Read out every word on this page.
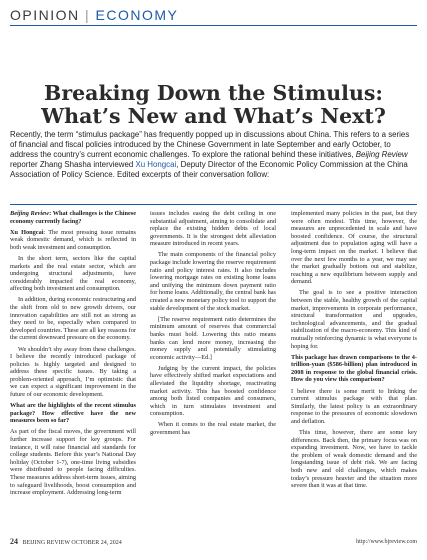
OPINION | ECONOMY
Breaking Down the Stimulus:
What’s New and What’s Next?

Recently, the term “stimulus package” has frequently popped up in discussions about China. This refers to a series of financial and fiscal policies introduced by the Chinese Government in late September and early October, to address the country’s current economic challenges. To explore the rational behind these initiatives, Beijing Review reporter Zhang Shasha interviewed Xu Hongcai, Deputy Director of the Economic Policy Commission at the China Association of Policy Science. Edited excerpts of their conversation follow:

Beijing Review: What challenges is the Chinese economy currently facing?

Xu Hongcai: The most pressing issue remains weak domestic demand, which is reflected in both weak investment and consumption.

In the short term, sectors like the capital markets and the real estate sector, which are undergoing structural adjustments, have considerably impacted the real economy, affecting both investment and consumption.

In addition, during economic restructuring and the shift from old to new growth drivers, our innovation capabilities are still not as strong as they need to be, especially when compared to developed countries. These are all key reasons for the current downward pressure on the economy.

We shouldn’t shy away from these challenges. I believe the recently introduced package of policies is highly targeted and designed to address these specific issues. By taking a problem-oriented approach, I’m optimistic that we can expect a significant improvement in the future of our economic development.

What are the highlights of the recent stimulus package? How effective have the new measures been so far?

As part of the fiscal moves, the government will further increase support for key groups. For instance, it will raise financial aid standards for college students. Before this year’s National Day holiday (October 1-7), one-time living subsidies were distributed to people facing difficulties. These measures address short-term issues, aiming to safeguard livelihoods, boost consumption and increase employment. Addressing long-term

issues includes easing the debt ceiling in one substantial adjustment, aiming to consolidate and replace the existing hidden debts of local governments. It is the strongest debt alleviation measure introduced in recent years.

The main components of the financial policy package include lowering the reserve requirement ratio and policy interest rates. It also includes lowering mortgage rates on existing home loans and unifying the minimum down payment ratio for home loans. Additionally, the central bank has created a new monetary policy tool to support the stable development of the stock market.

[The reserve requirement ratio determines the minimum amount of reserves that commercial banks must hold. Lowering this ratio means banks can lend more money, increasing the money supply and potentially stimulating economic activity—Ed.]

Judging by the current impact, the policies have effectively shifted market expectations and alleviated the liquidity shortage, reactivating market activity. This has boosted confidence among both listed companies and consumers, which in turn stimulates investment and consumption.

When it comes to the real estate market, the government has

implemented many policies in the past, but they were often modest. This time, however, the measures are unprecedented in scale and have boosted confidence. Of course, the structural adjustment due to population aging will have a long-term impact on the market. I believe that over the next few months to a year, we may see the market gradually bottom out and stabilize, reaching a new equilibrium between supply and demand.

The goal is to see a positive interaction between the stable, healthy growth of the capital market, improvements in corporate performance, structural transformation and upgrades, technological advancements, and the gradual stabilization of the macro-economy. This kind of mutually reinforcing dynamic is what everyone is hoping for.

This package has drawn comparisons to the 4-trillion-yuan ($586-billion) plan introduced in 2008 in response to the global financial crisis. How do you view this comparison?

I believe there is some merit to linking the current stimulus package with that plan. Similarly, the latest policy is an extraordinary response to the pressures of economic slowdown and deflation.

This time, however, there are some key differences. Back then, the primary focus was on expanding investment. Now, we have to tackle the problem of weak domestic demand and the longstanding issue of debt risk. We are facing both new and old challenges, which makes today’s pressure heavier and the situation more severe than it was at that time.

24 BEIJING REVIEW OCTOBER 24, 2024	http://www.bjreview.com
